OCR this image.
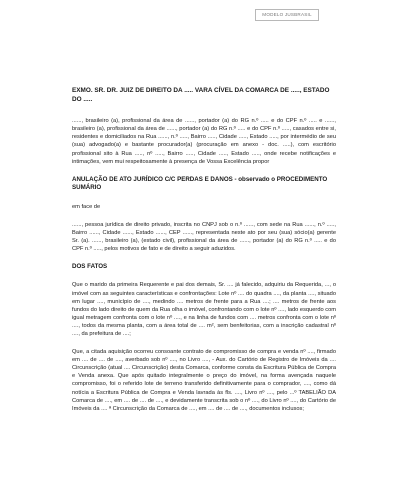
MODELO JUSBRASIL

EXMO. SR. DR. JUIZ DE DIREITO DA ..... VARA CÍVEL DA COMARCA DE ....., ESTADO DO .....

......, brasileiro (a), profissional da área de ......, portador (a) do RG n.º ..... e do CPF n.º ..... e ......, brasileiro (a), profissional da área de ......, portador (a) do RG n.º ..... e do CPF n.º ....., casados entre si, residentes e domiciliados na Rua ......, n.º ....., Bairro ....., Cidade ....., Estado ....., por intermédio de seu (sua) advogado(a) e bastante procurador(a) (procuração em anexo - doc. .....), com escritório profissional sito à Rua ....., nº ....., Bairro ....., Cidade ....., Estado ....., onde recebe notificações e intimações, vem mui respeitosamente à presença de Vossa Excelência propor

ANULAÇÃO DE ATO JURÍDICO C/C PERDAS E DANOS - observado o PROCEDIMENTO SUMÁRIO

em face de

......, pessoa jurídica de direito privado, inscrita no CNPJ sob o n.º ......, com sede na Rua ......, n.º ....., Bairro ......, Cidade ......, Estado ......, CEP ......, representada neste ato por seu (sua) sócio(a) gerente Sr. (a). ......, brasileiro (a), (estado civil), profissional da área de ......, portador (a) do RG n.º ..... e do CPF n.º ....., pelos motivos de fato e de direito a seguir aduzidos.

DOS FATOS

Que o marido da primeira Requerente e pai dos demais, Sr. .... já falecido, adquiriu da Requerida, ..., o imóvel com as seguintes características e confrontações: Lote nº .... do quadra ...., da planta ...., situado em lugar ...., município de ...., medindo .... metros de frente para a Rua ....; .... metros de frente aos fundos do lado direito de quem da Rua olha o imóvel, confrontando com o lote nº ...., lado esquerdo com igual metragem confronta com o lote nº ...., e na linha de fundos com .... metros confronta com o lote nº ...., todos da mesma planta, com a área total de .... m², sem benfeitorias, com a inscrição cadastral nº ...., da prefeitura de ....;

Que, a citada aquisição ocorreu consoante contrato de compromisso de compra e venda nº ...., firmado em .... de .... de ...., averbado sob nº ...., no Livro ...., - Aux. do Cartório de Registro de Imóveis da .... Circunscrição (atual .... Circunscrição) desta Comarca, conforme consta da Escritura Pública de Compra e Venda anexa. Que após quitado integralmente o preço do imóvel, na forma avençada naquele compromisso, foi o referido lote de terreno transferido definitivamente para o comprador, ...., como dá notícia a Escritura Pública de Compra e Venda lavrada às fls. ...., Livro nº ...., pelo ...º TABELIÃO DA Comarca de ...., em .... de .... de ...., e devidamente transcrita sob o nº ...., do Livro nº ...., do Cartório de Imóveis da .... ª Circunscrição da Comarca de ...., em .... de .... de ...., documentos inclusos;
